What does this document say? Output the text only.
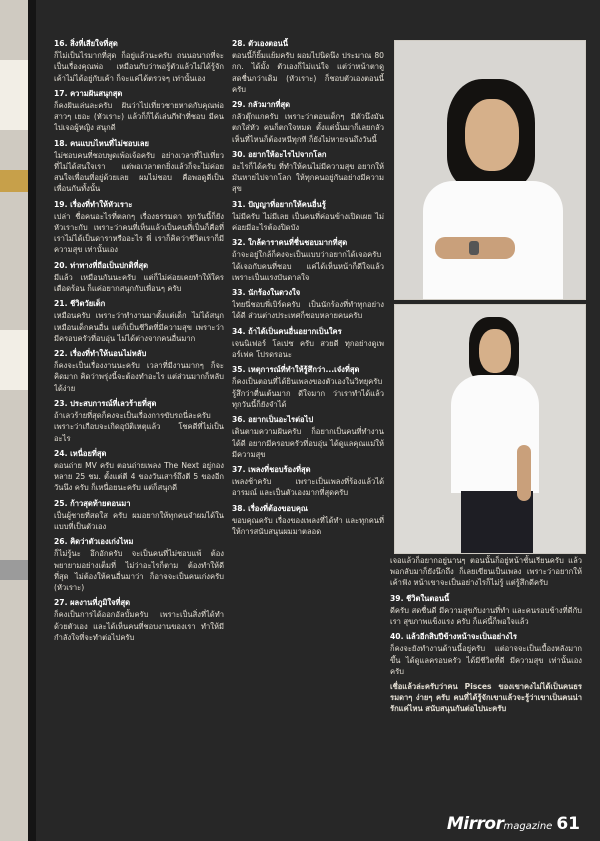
16. สิ่งที่เสียใจที่สุด
ก็ไม่เป็นไรมากที่สุด ก็อยู่แล้วนะครับ ถนนอนาถที่จะเป็นเรื่องคุณพ่อ เหมือนกับว่าพอรู้ตัวแล้วไม่ได้รู้จักเค้าไม่ได้อยู่กับเค้า ก็จะแค่ได้ตรวจๆ เท่านั้นเอง
17. ความฝันสนุกสุด
ก็คงฝันเล่นละครับ ฝันว่าไปเที่ยวชายหาดกับคุณพ่อ สาวๆ เยอะ (หัวเราะ) แล้วก็ก็ได้เล่นกีฬาที่ชอบ มีคนไปเจอผู้หญิง สนุกดี
18. คนแบบไหนที่ไม่ชอบเลย
ไม่ชอบคนที่ชอบพูดเพ้อเจ้อครับ อย่างเวลาที่ไปเที่ยวที่ไม่ได้สนใจเรา แต่พอเวลาตกยิ่งแล้วก็จะไม่ค่อยสนใจเพื่อนที่อยู่ด้วยเลย ผมไม่ชอบ คือพอดูดีเป็นเพื่อนกันทั้งนั้น
19. เรื่องที่ทำให้หัวเราะ
เปล่า ชื่อคนอะไรที่ตลกๆ เรื่องธรรมดา ทุกวันนี้ก็ยังหัวเราะกับ เพราะว่าคนที่เห็นแล้วเป็นคนที่เป็นก็คือที่เราไม่ได้เป็นดาราหรืออะไร พี่ เราก็คิดว่าชีวิตเราก็มีความสุข เท่านั้นเอง
20. ท่าทางที่ถือเป็นปกติที่สุด
มีแล้ว เหมือนกันนะครับ แต่ก็ไม่ค่อยเคยทำให้ใครเดือดร้อน ก็แค่อยากสนุกกับเพื่อนๆ ครับ
21. ชีวิตวัยเด็ก
เหมือนครับ เพราะว่าทำงานมาตั้งแต่เด็ก ไม่ได้สนุกเหมือนเด็กคนอื่น แต่ก็เป็นชีวิตที่มีความสุข เพราะว่ามีครอบครัวที่อบอุ่น ไม่ได้ต่างจากคนอื่นมาก
22. เรื่องที่ทำให้นอนไม่หลับ
ก็คงจะเป็นเรื่องงานนะครับ เวลาที่มีงานมากๆ ก็จะคิดมาก คิดว่าพรุ่งนี้จะต้องทำอะไร แต่ส่วนมากก็หลับได้ง่าย
23. ประสบการณ์ที่เลวร้ายที่สุด
ถ้าเลวร้ายที่สุดก็คงจะเป็นเรื่องการขับรถนี่ละครับ เพราะว่าเกือบจะเกิดอุบัติเหตุแล้ว โชคดีที่ไม่เป็นอะไร
24. เหนื่อยที่สุด
ตอนถ่าย MV ครับ ตอนถ่ายเพลง The Next อยู่กองหลาย 25 ชม. ตั้งแต่ตี 4 ของวันเสาร์ถึงตี 5 ของอีกวันนึง ครับ ก็เหนื่อยนะครับ แต่ก็สนุกดี
25. ก้าวสุดท้ายตอนมา
เป็นผู้ชายที่สดใส ครับ ผมอยากให้ทุกคนจำผมได้ในแบบที่เป็นตัวเอง
26. คิดว่าตัวเองเก่งไหม
ก็ไม่รู้นะ อึกอักครับ จะเป็นคนที่ไม่ชอบแพ้ ต้องพยายามอย่างเต็มที่ ไม่ว่าอะไรก็ตาม ต้องทำให้ดีที่สุด ไม่ต้องให้คนอื่นมาว่า ก็อาจจะเป็นคนเก่งครับ (หัวเราะ)
27. ผลงานที่ภูมิใจที่สุด
ก็คงเป็นการได้ออกอัลบั้มครับ เพราะเป็นสิ่งที่ได้ทำด้วยตัวเอง และได้เห็นคนที่ชอบงานของเรา ทำให้มีกำลังใจที่จะทำต่อไปครับ
28. ตัวเองตอนนี้
ตอนนี้ก็ยิ้มแย้มครับ ผอมไปนิดนึง ประมาณ 80 กก. ได้มั้ง ตัวเองก็ไม่แน่ใจ แต่ว่าหน้าตาดูสดชื่นกว่าเดิม (หัวเราะ) ก็ชอบตัวเองตอนนี้ครับ
29. กลัวมากที่สุด
กลัวตุ๊กแกครับ เพราะว่าตอนเด็กๆ มีตัวนึงมันตกใส่หัว คนก็ตกใจหมด ตั้งแต่นั้นมาก็เลยกลัว เห็นที่ไหนก็ต้องหนีทุกที ก็ยังไม่หายจนถึงวันนี้
30. อยากให้อะไรไปจากโลก
อะไรก็ได้ครับ ที่ทำให้คนไม่มีความสุข อยากให้มันหายไปจากโลก ให้ทุกคนอยู่กันอย่างมีความสุข
31. ปัญญาที่อยากให้คนอื่นรู้
ไม่มีครับ ไม่มีเลย เป็นคนที่ค่อนข้างเปิดเผย ไม่ค่อยมีอะไรต้องปิดบัง
32. ใกล้ดาราคนที่ชื่นชอบมากที่สุด
ถ้าจะอยู่ใกล้ก็คงจะเป็นแบบว่าอยากได้เจอครับ ได้เจอกับคนที่ชอบ แค่ได้เห็นหน้าก็ดีใจแล้ว เพราะเป็นแรงบันดาลใจ
33. นักร้องในดวงใจ
ไทยนี่ชอบพี่เบิร์ดครับ เป็นนักร้องที่ทำทุกอย่างได้ดี ส่วนต่างประเทศก็ชอบหลายคนครับ
34. ถ้าได้เป็นคนอื่นอยากเป็นใคร
เจนนิเฟอร์ โลเปซ ครับ สวยดี ทุกอย่างดูเพอร์เฟค โปรดรอนะ
35. เหตุการณ์ที่ทำให้รู้สึกว่า...เจ๋งที่สุด
ก็คงเป็นตอนที่ได้ยินเพลงของตัวเองในวิทยุครับ รู้สึกว่าตื่นเต้นมาก ดีใจมาก ว่าเราทำได้แล้ว ทุกวันนี้ก็ยังจำได้
36. อยากเป็นอะไรต่อไป
เดินตามความฝันครับ ก็อยากเป็นคนที่ทำงานได้ดี อยากมีครอบครัวที่อบอุ่น ได้ดูแลคุณแม่ให้มีความสุข
37. เพลงที่ชอบร้องที่สุด
เพลงช้าครับ เพราะเป็นเพลงที่ร้องแล้วได้อารมณ์ และเป็นตัวเองมากที่สุดครับ
38. เรื่องที่ต้องขอบคุณ
ขอบคุณครับ เรื่องของเพลงที่ได้ทำ และทุกคนที่ให้การสนับสนุนผมมาตลอด
เจอแล้วก็อยากอยู่นานๆ ตอนนั้นก็อยู่หน้าชั้นเรียนครับ แล้วพอกลับมาก็ยังนึกถึง ก็เลยเขียนเป็นเพลง เพราะว่าอยากให้เค้าฟัง หน้าเขาจะเป็นอย่างไรก็ไม่รู้ แต่รู้สึกดีครับ
39. ชีวิตในตอนนี้
ดีครับ สดชื่นดี มีความสุขกับงานที่ทำ และคนรอบข้างที่ดีกับเรา สุขภาพแข็งแรง ครับ ก็แค่นี้ก็พอใจแล้ว
40. แล้วอีกสิบปีข้างหน้าจะเป็นอย่างไร
ก็คงจะยังทำงานด้านนี้อยู่ครับ แต่อาจจะเป็นเบื้องหลังมากขึ้น ได้ดูแลครอบครัว ได้มีชีวิตที่ดี มีความสุข เท่านั้นเองครับ
เชื่อแล้วล่ะครับว่าคน Pisces ของเขาคงไม่ได้เป็นคนธรรมดาๆ ง่ายๆ ครับ คนที่ได้รู้จักเขาแล้วจะรู้ว่าเขาเป็นคนน่ารักแค่ไหน สนับสนุนกันต่อไปนะครับ
Mirrormagazine 61
